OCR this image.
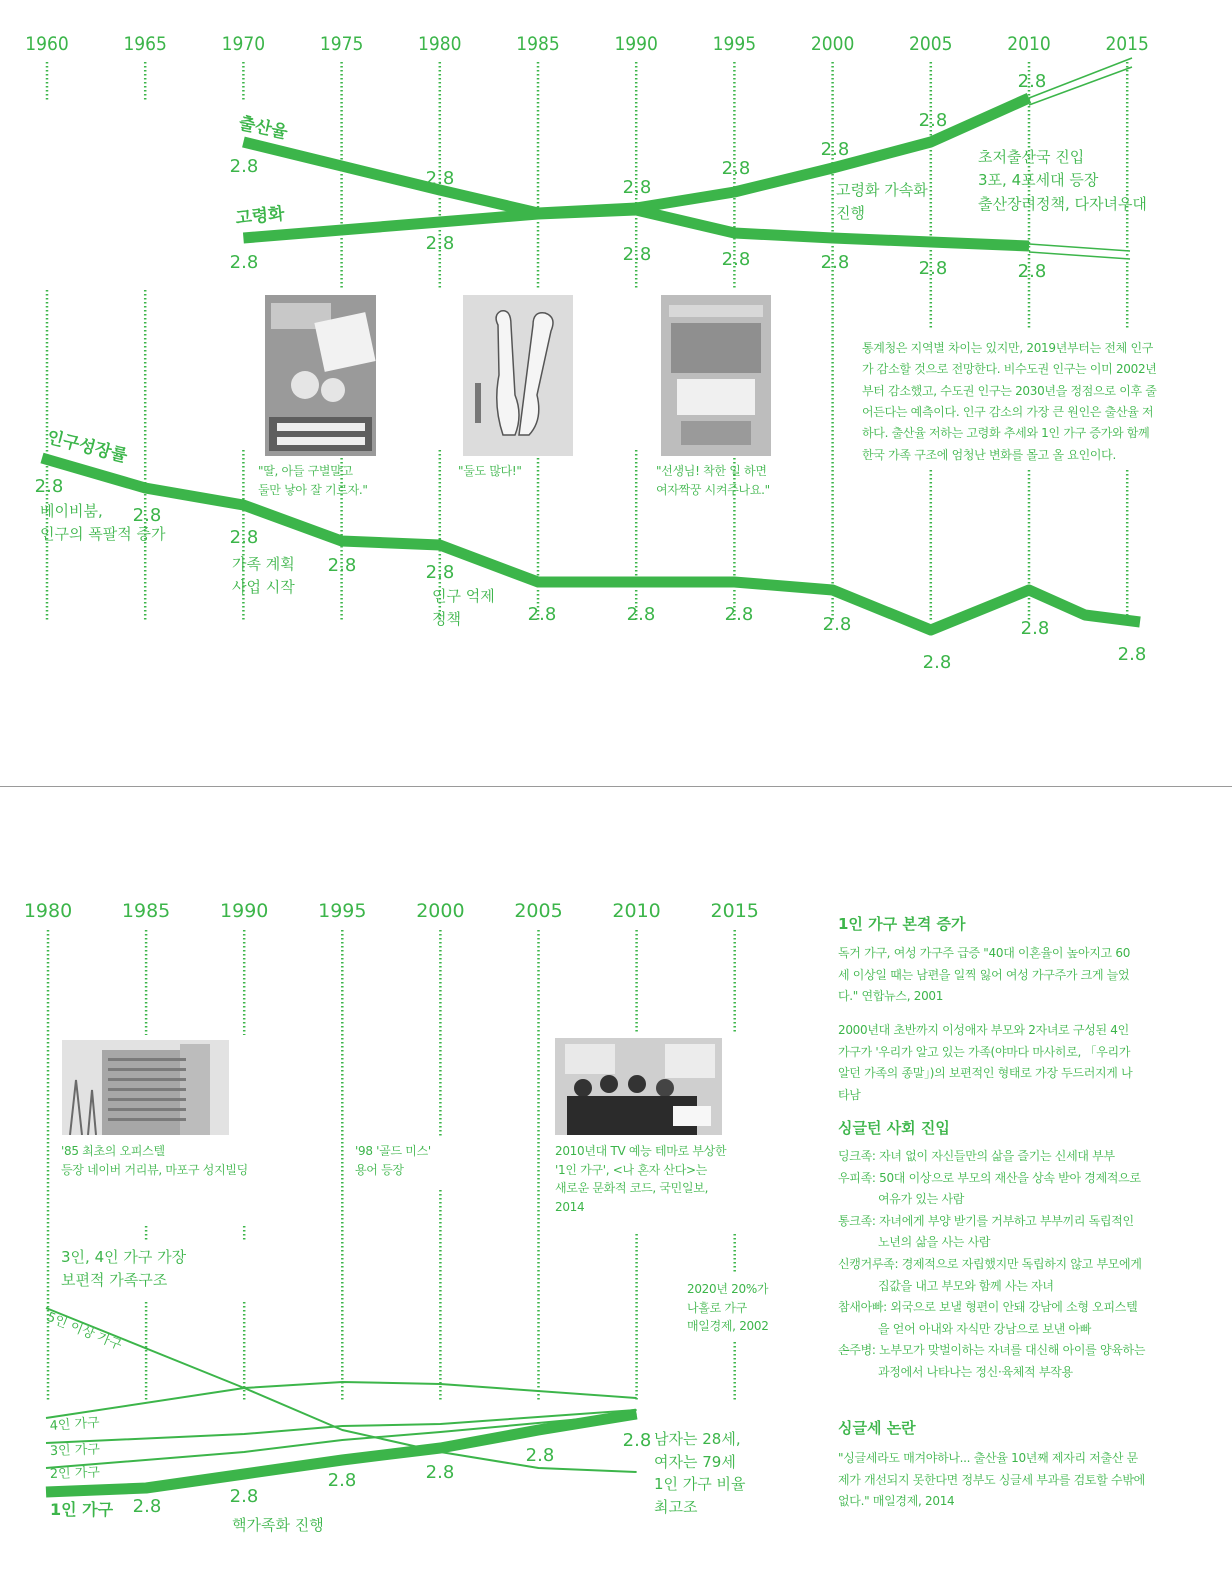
1960	1965	1970	1975	1980	1985	1990	1995	2000	2005	2010	2015
출산율
고령화
인구성장률
2.8
2.8	2.8
2.8
2.8
2.8
2.8
2.8
2.8
2.8	2.8	2.8	2.8	2.8
2.8
2.8
2.8
2.8	2.8
2.8	2.8	2.8	2.8
2.8
2.8
2.8
베이비붐,
인구의 폭팔적 증가
가족 계획
사업 시작	인구 억제
정책
고령화 가속화
진행
초저출산국 진입
3포, 4포세대 등장
출산장려정책, 다자녀우대
"딸, 아들 구별말고
둘만 낳아 잘 기르자."
"둘도 많다!"	"선생님! 착한 일 하면
여자짝꿍 시켜주나요."
통계청은 지역별 차이는 있지만, 2019년부터는 전체 인구가 감소할 것으로 전망한다. 비수도권 인구는 이미 2002년부터 감소했고, 수도권 인구는 2030년을 정점으로 이후 줄어든다는 예측이다. 인구 감소의 가장 큰 원인은 출산율 저하다. 출산율 저하는 고령화 추세와 1인 가구 증가와 함께 한국 가족 구조에 엄청난 변화를 몰고 올 요인이다.
1980	1985	1990	1995	2000	2005	2010	2015
5인 이상 가구
4인 가구
3인 가구
2인 가구
1인 가구 2.8	2.8
2.8	2.8
2.8
2.8
'85 최초의 오피스텔
등장 네이버 거리뷰, 마포구 성지빌딩
'98 '골드 미스'
용어 등장
2010년대 TV 예능 테마로 부상한
'1인 가구', <나 혼자 산다>는
새로운 문화적 코드, 국민일보,
2014
3인, 4인 가구 가장
보편적 가족구조	2020년 20%가
나홀로 가구
매일경제, 2002
핵가족화 진행
남자는 28세,
여자는 79세
1인 가구 비율
최고조
1인 가구 본격 증가
독거 가구, 여성 가구주 급증 "40대 이혼율이 높아지고 60세 이상일 때는 남편을 일찍 잃어 여성 가구주가 크게 늘었다." 연합뉴스, 2001
2000년대 초반까지 이성애자 부모와 2자녀로 구성된 4인 가구가 '우리가 알고 있는 가족(야마다 마사히로, 「우리가 알던 가족의 종말」)의 보편적인 형태로 가장 두드러지게 나타남
싱글턴 사회 진입
딩크족: 자녀 없이 자신들만의 삶을 즐기는 신세대 부부
우피족: 50대 이상으로 부모의 재산을 상속 받아 경제적으로 여유가 있는 사람
통크족: 자녀에게 부양 받기를 거부하고 부부끼리 독립적인 노년의 삶을 사는 사람
신캥거루족: 경제적으로 자립했지만 독립하지 않고 부모에게 집값을 내고 부모와 함께 사는 자녀
참새아빠: 외국으로 보낼 형편이 안돼 강남에 소형 오피스텔을 얻어 아내와 자식만 강남으로 보낸 아빠
손주병: 노부모가 맞벌이하는 자녀를 대신해 아이를 양육하는 과정에서 나타나는 정신·육체적 부작용
싱글세 논란
"싱글세라도 매겨야하나... 출산율 10년째 제자리 저출산 문제가 개선되지 못한다면 정부도 싱글세 부과를 검토할 수밖에 없다." 매일경제, 2014
